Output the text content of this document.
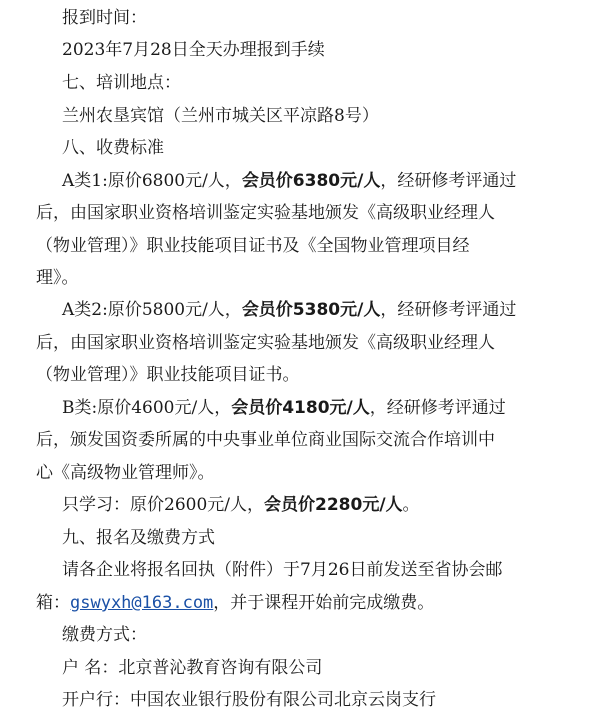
报到时间：
2023年7月28日全天办理报到手续
七、培训地点：
兰州农垦宾馆（兰州市城关区平凉路8号）
八、收费标准
A类1:原价6800元/人，会员价6380元/人，经研修考评通过
后，由国家职业资格培训鉴定实验基地颁发《高级职业经理人
（物业管理）》职业技能项目证书及《全国物业管理项目经
理》。
A类2:原价5800元/人，会员价5380元/人，经研修考评通过
后，由国家职业资格培训鉴定实验基地颁发《高级职业经理人
（物业管理）》职业技能项目证书。
B类:原价4600元/人，会员价4180元/人，经研修考评通过
后，颁发国资委所属的中央事业单位商业国际交流合作培训中
心《高级物业管理师》。
只学习：原价2600元/人，会员价2280元/人。
九、报名及缴费方式
请各企业将报名回执（附件）于7月26日前发送至省协会邮
箱：gswyxh@163.com，并于课程开始前完成缴费。
缴费方式：
户 名：北京普沁教育咨询有限公司
开户行：中国农业银行股份有限公司北京云岗支行
